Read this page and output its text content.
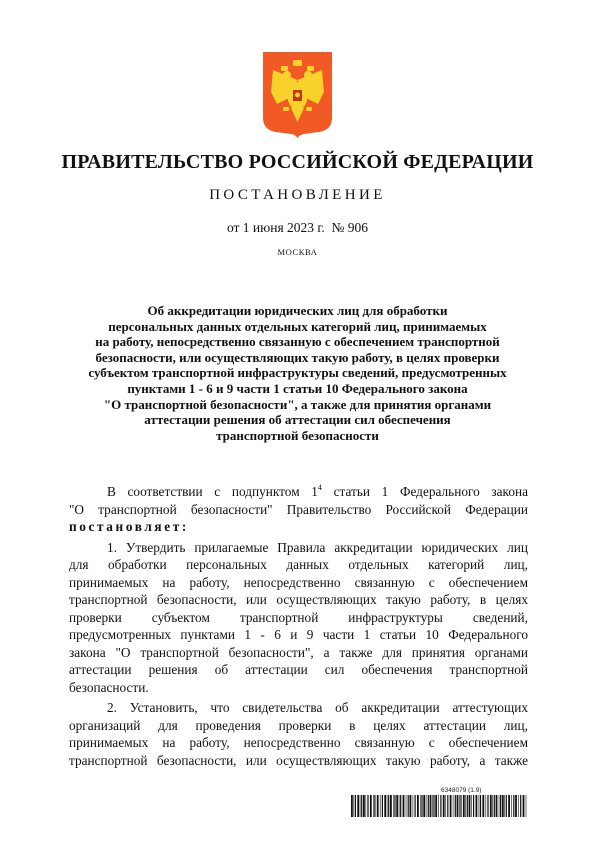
ПРАВИТЕЛЬСТВО РОССИЙСКОЙ ФЕДЕРАЦИИ
ПОСТАНОВЛЕНИЕ
от 1 июня 2023 г.  № 906
МОСКВА
Об аккредитации юридических лиц для обработки
персональных данных отдельных категорий лиц, принимаемых
на работу, непосредственно связанную с обеспечением транспортной
безопасности, или осуществляющих такую работу, в целях проверки
субъектом транспортной инфраструктуры сведений, предусмотренных
пунктами 1 - 6 и 9 части 1 статьи 10 Федерального закона
"О транспортной безопасности", а также для принятия органами
аттестации решения об аттестации сил обеспечения
транспортной безопасности
В соответствии с подпунктом $1^4$ статьи 1 Федерального закона
"О транспортной безопасности" Правительство Российской Федерации
постановляет:
1. Утвердить прилагаемые Правила аккредитации юридических лиц
для обработки персональных данных отдельных категорий лиц,
принимаемых на работу, непосредственно связанную с обеспечением
транспортной безопасности, или осуществляющих такую работу, в целях
проверки субъектом транспортной инфраструктуры сведений,
предусмотренных пунктами 1 - 6 и 9 части 1 статьи 10 Федерального
закона "О транспортной безопасности", а также для принятия органами
аттестации решения об аттестации сил обеспечения транспортной
безопасности.
2. Установить, что свидетельства об аккредитации аттестующих
организаций для проведения проверки в целях аттестации лиц,
принимаемых на работу, непосредственно связанную с обеспечением
транспортной безопасности, или осуществляющих такую работу, а также
6348079 (1.9)
